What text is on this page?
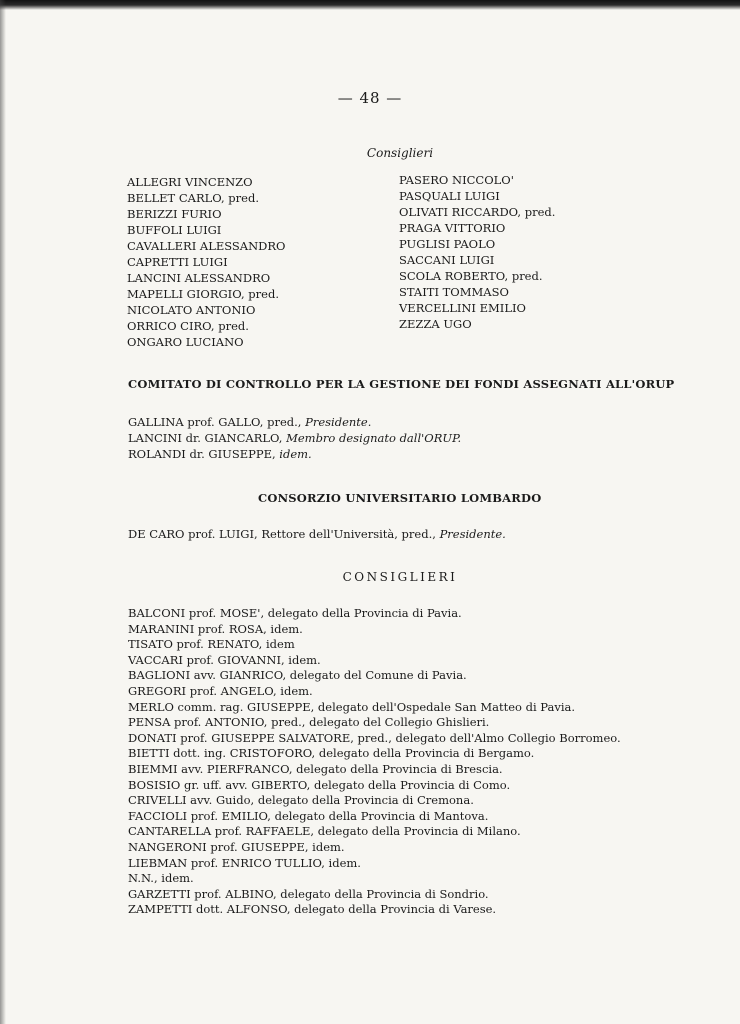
— 48 —
Consiglieri
ALLEGRI VINCENZO
BELLET CARLO, pred.
BERIZZI FURIO
BUFFOLI LUIGI
CAVALLERI ALESSANDRO
CAPRETTI LUIGI
LANCINI ALESSANDRO
MAPELLI GIORGIO, pred.
NICOLATO ANTONIO
ORRICO CIRO, pred.
ONGARO LUCIANO
PASERO NICCOLO'
PASQUALI LUIGI
OLIVATI RICCARDO, pred.
PRAGA VITTORIO
PUGLISI PAOLO
SACCANI LUIGI
SCOLA ROBERTO, pred.
STAITI TOMMASO
VERCELLINI EMILIO
ZEZZA UGO
COMITATO DI CONTROLLO PER LA GESTIONE DEI FONDI ASSEGNATI ALL'ORUP
GALLINA prof. GALLO, pred., Presidente.
LANCINI dr. GIANCARLO, Membro designato dall'ORUP.
ROLANDI dr. GIUSEPPE, idem.
CONSORZIO UNIVERSITARIO LOMBARDO
DE CARO prof. LUIGI, Rettore dell'Università, pred., Presidente.
CONSIGLIERI
BALCONI prof. MOSE', delegato della Provincia di Pavia.
MARANINI prof. ROSA, idem.
TISATO prof. RENATO, idem
VACCARI prof. GIOVANNI, idem.
BAGLIONI avv. GIANRICO, delegato del Comune di Pavia.
GREGORI prof. ANGELO, idem.
MERLO comm. rag. GIUSEPPE, delegato dell'Ospedale San Matteo di Pavia.
PENSA prof. ANTONIO, pred., delegato del Collegio Ghislieri.
DONATI prof. GIUSEPPE SALVATORE, pred., delegato dell'Almo Collegio Borromeo.
BIETTI dott. ing. CRISTOFORO, delegato della Provincia di Bergamo.
BIEMMI avv. PIERFRANCO, delegato della Provincia di Brescia.
BOSISIO gr. uff. avv. GIBERTO, delegato della Provincia di Como.
CRIVELLI avv. Guido, delegato della Provincia di Cremona.
FACCIOLI prof. EMILIO, delegato della Provincia di Mantova.
CANTARELLA prof. RAFFAELE, delegato della Provincia di Milano.
NANGERONI prof. GIUSEPPE, idem.
LIEBMAN prof. ENRICO TULLIO, idem.
N.N., idem.
GARZETTI prof. ALBINO, delegato della Provincia di Sondrio.
ZAMPETTI dott. ALFONSO, delegato della Provincia di Varese.
